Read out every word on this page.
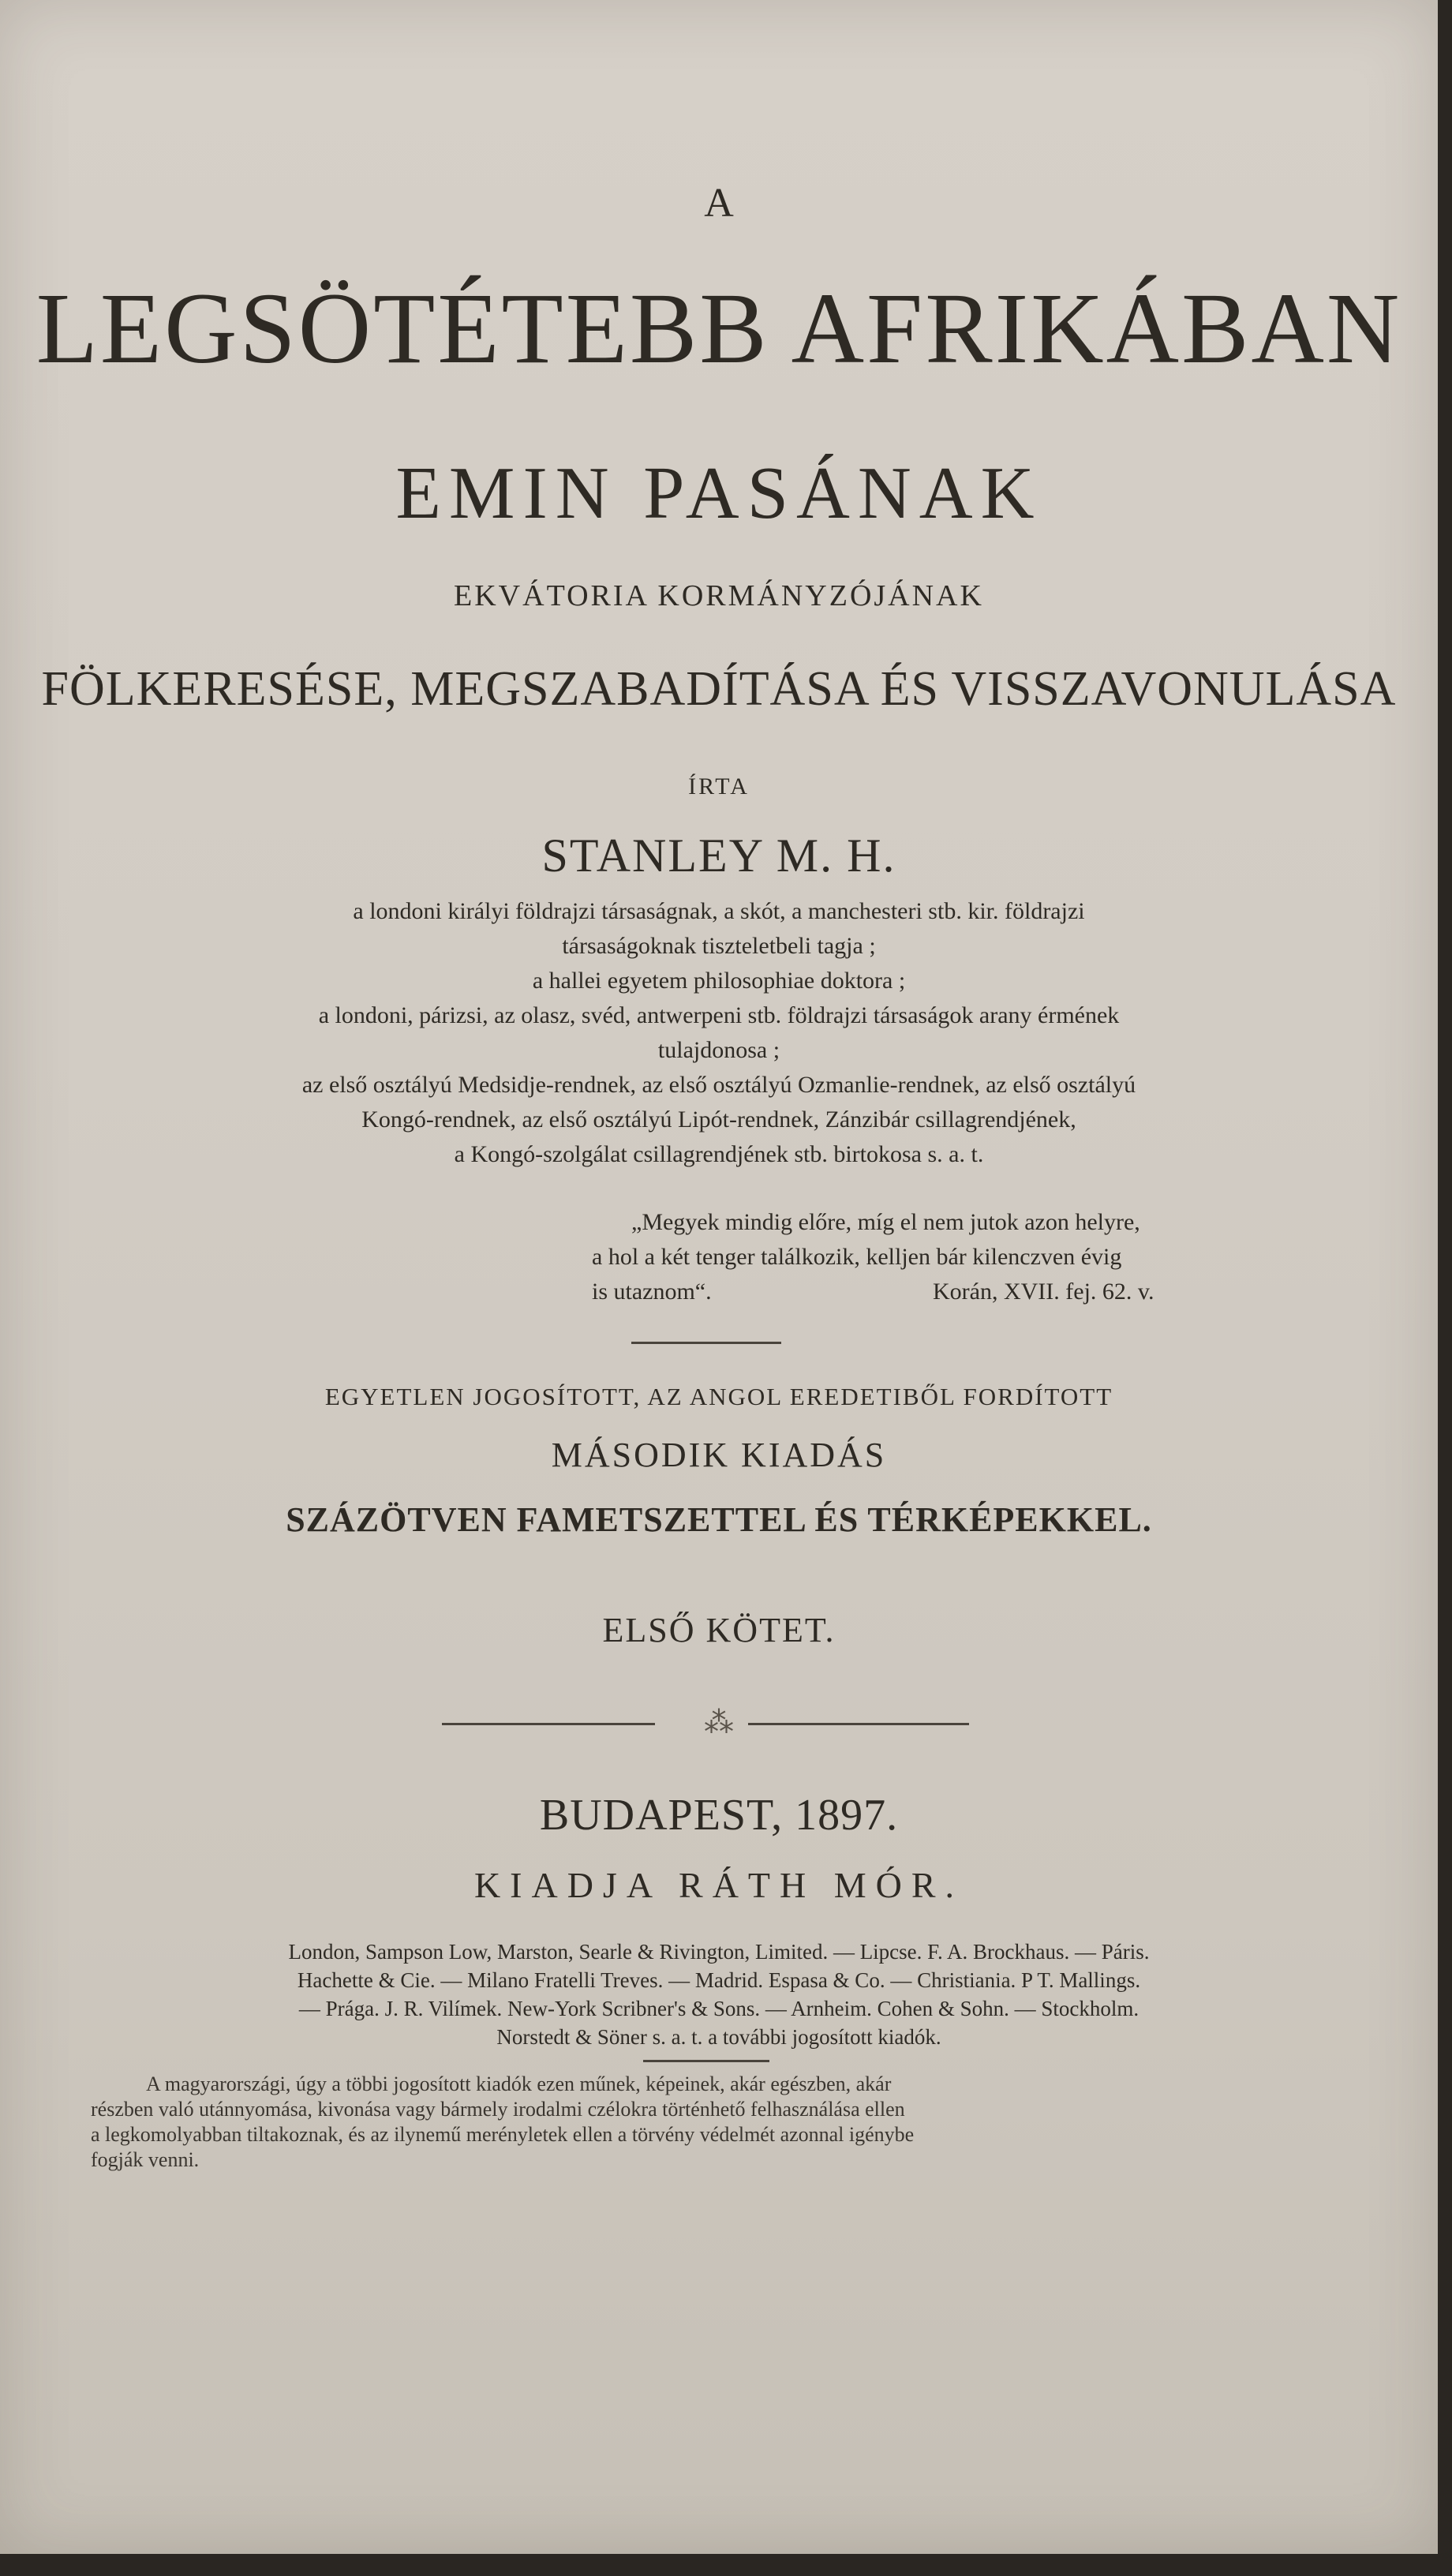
A
LEGSÖTÉTEBB AFRIKÁBAN
EMIN PASÁNAK
EKVÁTORIA KORMÁNYZÓJÁNAK
FÖLKERESÉSE, MEGSZABADÍTÁSA ÉS VISSZAVONULÁSA
ÍRTA
STANLEY M. H.
a londoni királyi földrajzi társaságnak, a skót, a manchesteri stb. kir. földrajzi
társaságoknak tiszteletbeli tagja ;
a hallei egyetem philosophiae doktora ;
a londoni, párizsi, az olasz, svéd, antwerpeni stb. földrajzi társaságok arany érmének
tulajdonosa ;
az első osztályú Medsidje-rendnek, az első osztályú Ozmanlie-rendnek, az első osztályú
Kongó-rendnek, az első osztályú Lipót-rendnek, Zánzibár csillagrendjének,
a Kongó-szolgálat csillagrendjének stb. birtokosa s. a. t.
„Megyek mindig előre, míg el nem jutok azon helyre,
a hol a két tenger találkozik, kelljen bár kilenczven évig
is utaznom“.	Korán, XVII. fej. 62. v.
EGYETLEN JOGOSÍTOTT, AZ ANGOL EREDETIBŐL FORDÍTOTT
MÁSODIK KIADÁS
SZÁZÖTVEN FAMETSZETTEL ÉS TÉRKÉPEKKEL.
ELSŐ KÖTET.
⁂
BUDAPEST, 1897.
KIADJA RÁTH MÓR.
London, Sampson Low, Marston, Searle & Rivington, Limited. — Lipcse. F. A. Brockhaus. — Páris.
Hachette & Cie. — Milano Fratelli Treves. — Madrid. Espasa & Co. — Christiania. P T. Mallings.
— Prága. J. R. Vilímek. New-York Scribner's & Sons. — Arnheim. Cohen & Sohn. — Stockholm.
Norstedt & Söner s. a. t. a további jogosított kiadók.
A magyarországi, úgy a többi jogosított kiadók ezen műnek, képeinek, akár egészben, akár
részben való utánnyomása, kivonása vagy bármely irodalmi czélokra történhető felhasználása ellen
a legkomolyabban tiltakoznak, és az ilynemű merényletek ellen a törvény védelmét azonnal igénybe
fogják venni.
